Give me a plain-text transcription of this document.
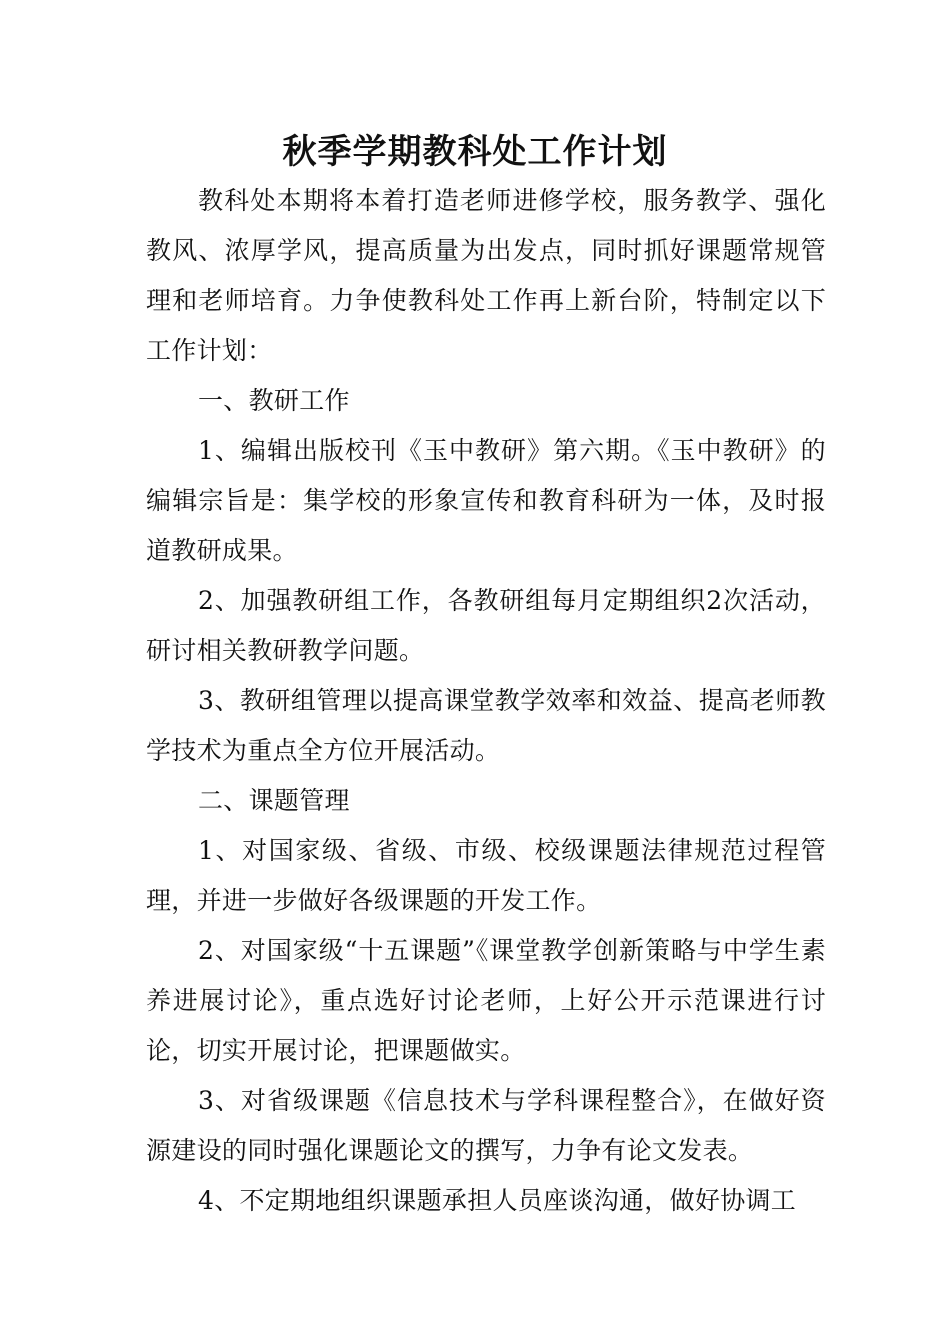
秋季学期教科处工作计划

教科处本期将本着打造老师进修学校，服务教学、强化教风、浓厚学风，提高质量为出发点，同时抓好课题常规管理和老师培育。力争使教科处工作再上新台阶，特制定以下工作计划：

一、教研工作

1、编辑出版校刊《玉中教研》第六期。《玉中教研》的编辑宗旨是：集学校的形象宣传和教育科研为一体，及时报道教研成果。

2、加强教研组工作，各教研组每月定期组织2次活动，研讨相关教研教学问题。

3、教研组管理以提高课堂教学效率和效益、提高老师教学技术为重点全方位开展活动。

二、课题管理

1、对国家级、省级、市级、校级课题法律规范过程管理，并进一步做好各级课题的开发工作。

2、对国家级“十五课题”《课堂教学创新策略与中学生素养进展讨论》，重点选好讨论老师，上好公开示范课进行讨论，切实开展讨论，把课题做实。

3、对省级课题《信息技术与学科课程整合》，在做好资源建设的同时强化课题论文的撰写，力争有论文发表。

4、不定期地组织课题承担人员座谈沟通，做好协调工
